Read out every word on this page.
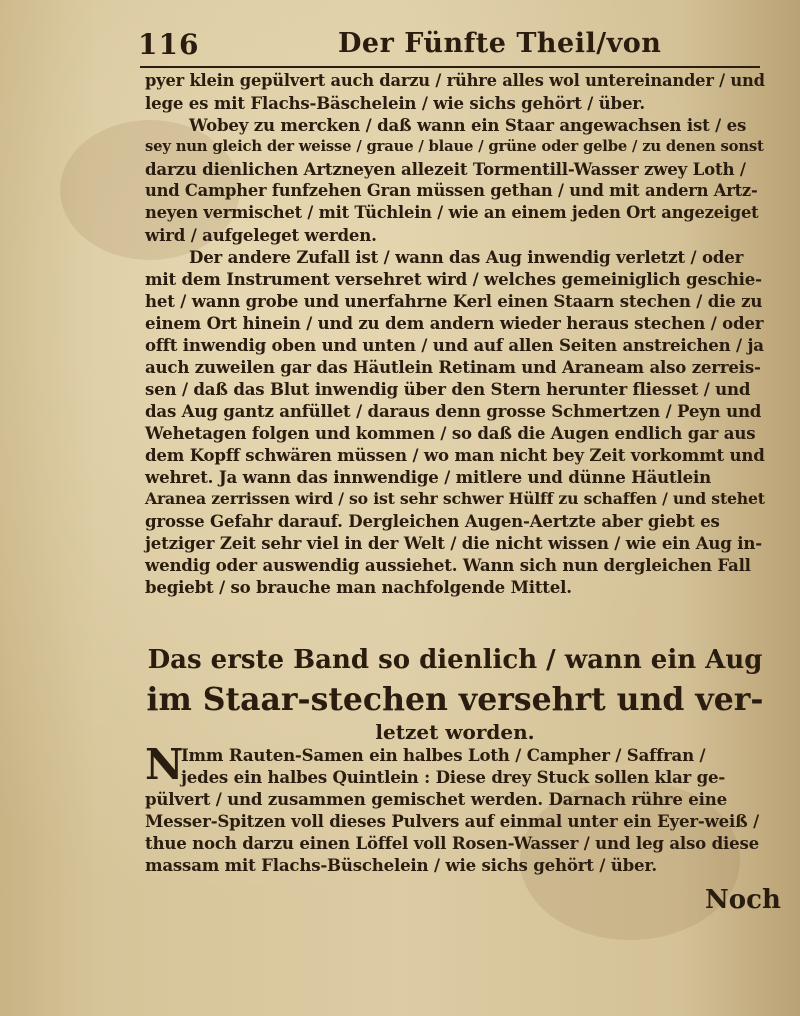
116	Der Fünfte Theil/von
pyer klein gepülvert auch darzu / rühre alles wol untereinander / und
lege es mit Flachs-Bäschelein / wie sichs gehört / über.
Wobey zu mercken / daß wann ein Staar angewachsen ist / es
sey nun gleich der weisse / graue / blaue / grüne oder gelbe / zu denen sonst
darzu dienlichen Artzneyen allezeit Tormentill-Wasser zwey Loth /
und Campher funfzehen Gran müssen gethan / und mit andern Artz-
neyen vermischet / mit Tüchlein / wie an einem jeden Ort angezeiget
wird / aufgeleget werden.
Der andere Zufall ist / wann das Aug inwendig verletzt / oder
mit dem Instrument versehret wird / welches gemeiniglich geschie-
het / wann grobe und unerfahrne Kerl einen Staarn stechen / die zu
einem Ort hinein / und zu dem andern wieder heraus stechen / oder
offt inwendig oben und unten / und auf allen Seiten anstreichen / ja
auch zuweilen gar das Häutlein Retinam und Araneam also zerreis-
sen / daß das Blut inwendig über den Stern herunter fliesset / und
das Aug gantz anfüllet / daraus denn grosse Schmertzen / Peyn und
Wehetagen folgen und kommen / so daß die Augen endlich gar aus
dem Kopff schwären müssen / wo man nicht bey Zeit vorkommt und
wehret. Ja wann das innwendige / mitlere und dünne Häutlein
Aranea zerrissen wird / so ist sehr schwer Hülff zu schaffen / und stehet
grosse Gefahr darauf. Dergleichen Augen-Aertzte aber giebt es
jetziger Zeit sehr viel in der Welt / die nicht wissen / wie ein Aug in-
wendig oder auswendig aussiehet. Wann sich nun dergleichen Fall
begiebt / so brauche man nachfolgende Mittel.
Das erste Band so dienlich / wann ein Aug
im Staar-stechen versehrt und ver-
letzet worden.
N
Imm Rauten-Samen ein halbes Loth / Campher / Saffran /
jedes ein halbes Quintlein : Diese drey Stuck sollen klar ge-
pülvert / und zusammen gemischet werden. Darnach rühre eine
Messer-Spitzen voll dieses Pulvers auf einmal unter ein Eyer-weiß /
thue noch darzu einen Löffel voll Rosen-Wasser / und leg also diese
massam mit Flachs-Büschelein / wie sichs gehört / über.
Noch
